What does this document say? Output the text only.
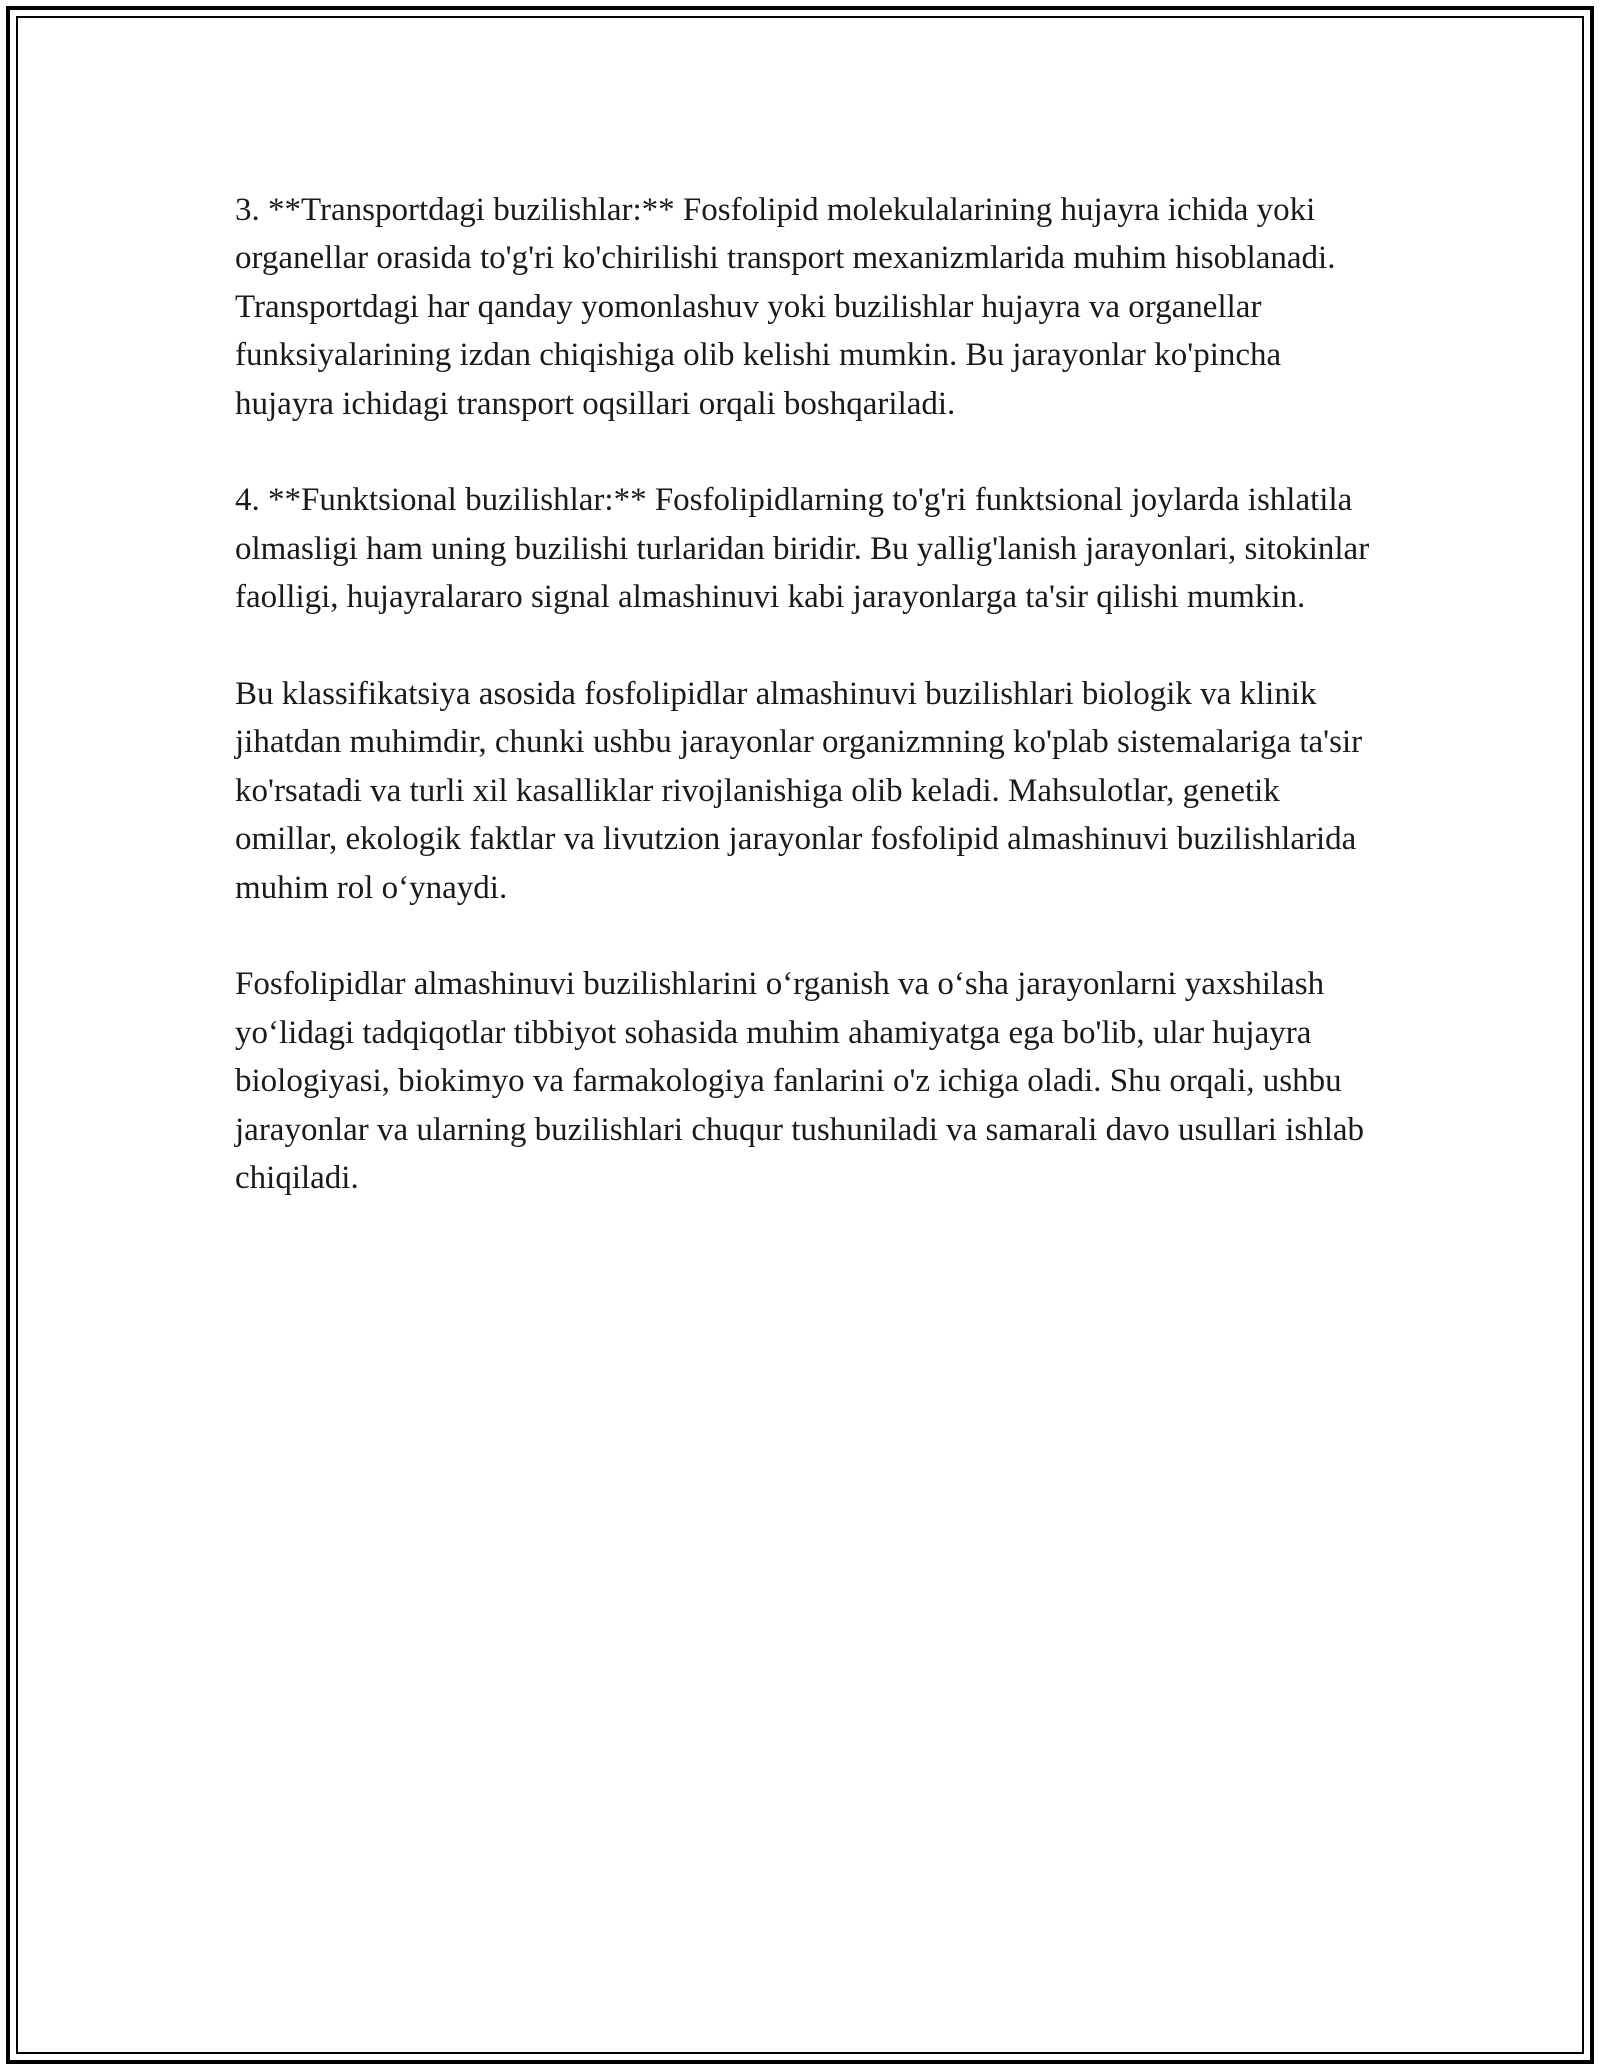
3. **Transportdagi buzilishlar:** Fosfolipid molekulalarining hujayra ichida yoki organellar orasida to'g'ri ko'chirilishi transport mexanizmlarida muhim hisoblanadi. Transportdagi har qanday yomonlashuv yoki buzilishlar hujayra va organellar funksiyalarining izdan chiqishiga olib kelishi mumkin. Bu jarayonlar ko'pincha hujayra ichidagi transport oqsillari orqali boshqariladi.

4. **Funktsional buzilishlar:** Fosfolipidlarning to'g'ri funktsional joylarda ishlatila olmasligi ham uning buzilishi turlaridan biridir. Bu yallig'lanish jarayonlari, sitokinlar faolligi, hujayralararo signal almashinuvi kabi jarayonlarga ta'sir qilishi mumkin.

Bu klassifikatsiya asosida fosfolipidlar almashinuvi buzilishlari biologik va klinik jihatdan muhimdir, chunki ushbu jarayonlar organizmning ko'plab sistemalariga ta'sir ko'rsatadi va turli xil kasalliklar rivojlanishiga olib keladi. Mahsulotlar, genetik omillar, ekologik faktlar va livutzion jarayonlar fosfolipid almashinuvi buzilishlarida muhim rol oʻynaydi.

Fosfolipidlar almashinuvi buzilishlarini oʻrganish va oʻsha jarayonlarni yaxshilash yoʻlidagi tadqiqotlar tibbiyot sohasida muhim ahamiyatga ega bo'lib, ular hujayra biologiyasi, biokimyo va farmakologiya fanlarini o'z ichiga oladi. Shu orqali, ushbu jarayonlar va ularning buzilishlari chuqur tushuniladi va samarali davo usullari ishlab chiqiladi.
